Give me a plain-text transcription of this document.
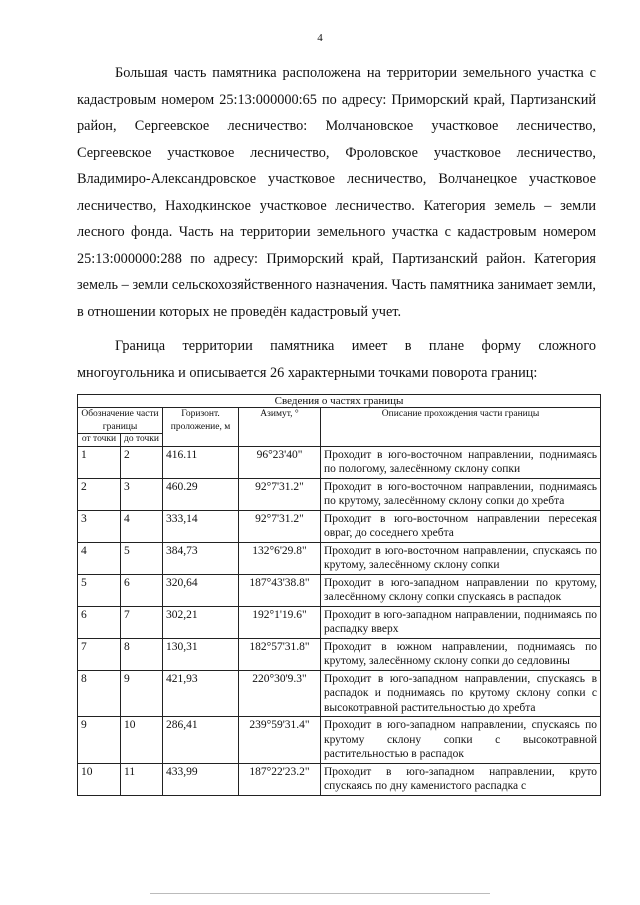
4

Большая часть памятника расположена на территории земельного участка с кадастровым номером 25:13:000000:65 по адресу: Приморский край, Партизанский район, Сергеевское лесничество: Молчановское участковое лесничество, Сергеевское участковое лесничество, Фроловское участковое лесничество, Владимиро-Александровское участковое лесничество, Волчанецкое участковое лесничество, Находкинское участковое лесничество. Категория земель – земли лесного фонда. Часть на территории земельного участка с кадастровым номером 25:13:000000:288 по адресу: Приморский край, Партизанский район. Категория земель – земли сельскохозяйственного назначения. Часть памятника занимает земли, в отношении которых не проведён кадастровый учет.

Граница территории памятника имеет в плане форму сложного многоугольника и описывается 26 характерными точками поворота границ:

Сведения о частях границы				
Обозначение части границы		Горизонт. проложение, м	Азимут, °	Описание прохождения части границы
от точки	до точки			
1	2	416.11	96°23'40"	Проходит в юго-восточном направлении, поднимаясь по пологому, залесённому склону сопки
2	3	460.29	92°7'31.2"	Проходит в юго-восточном направлении, поднимаясь по крутому, залесённому склону сопки до хребта
3	4	333,14	92°7'31.2"	Проходит в юго-восточном направлении пересекая овраг, до соседнего хребта
4	5	384,73	132°6'29.8"	Проходит в юго-восточном направлении, спускаясь по крутому, залесённому склону сопки
5	6	320,64	187°43'38.8"	Проходит в юго-западном направлении по крутому, залесённому склону сопки спускаясь в распадок
6	7	302,21	192°1'19.6"	Проходит в юго-западном направлении, поднимаясь по распадку вверх
7	8	130,31	182°57'31.8"	Проходит в южном направлении, поднимаясь по крутому, залесённому склону сопки до седловины
8	9	421,93	220°30'9.3"	Проходит в юго-западном направлении, спускаясь в распадок и поднимаясь по крутому склону сопки с высокотравной растительностью до хребта
9	10	286,41	239°59'31.4"	Проходит в юго-западном направлении, спускаясь по крутому склону сопки с высокотравной растительностью в распадок
10	11	433,99	187°22'23.2"	Проходит в юго-западном направлении, круто спускаясь по дну каменистого распадка с
